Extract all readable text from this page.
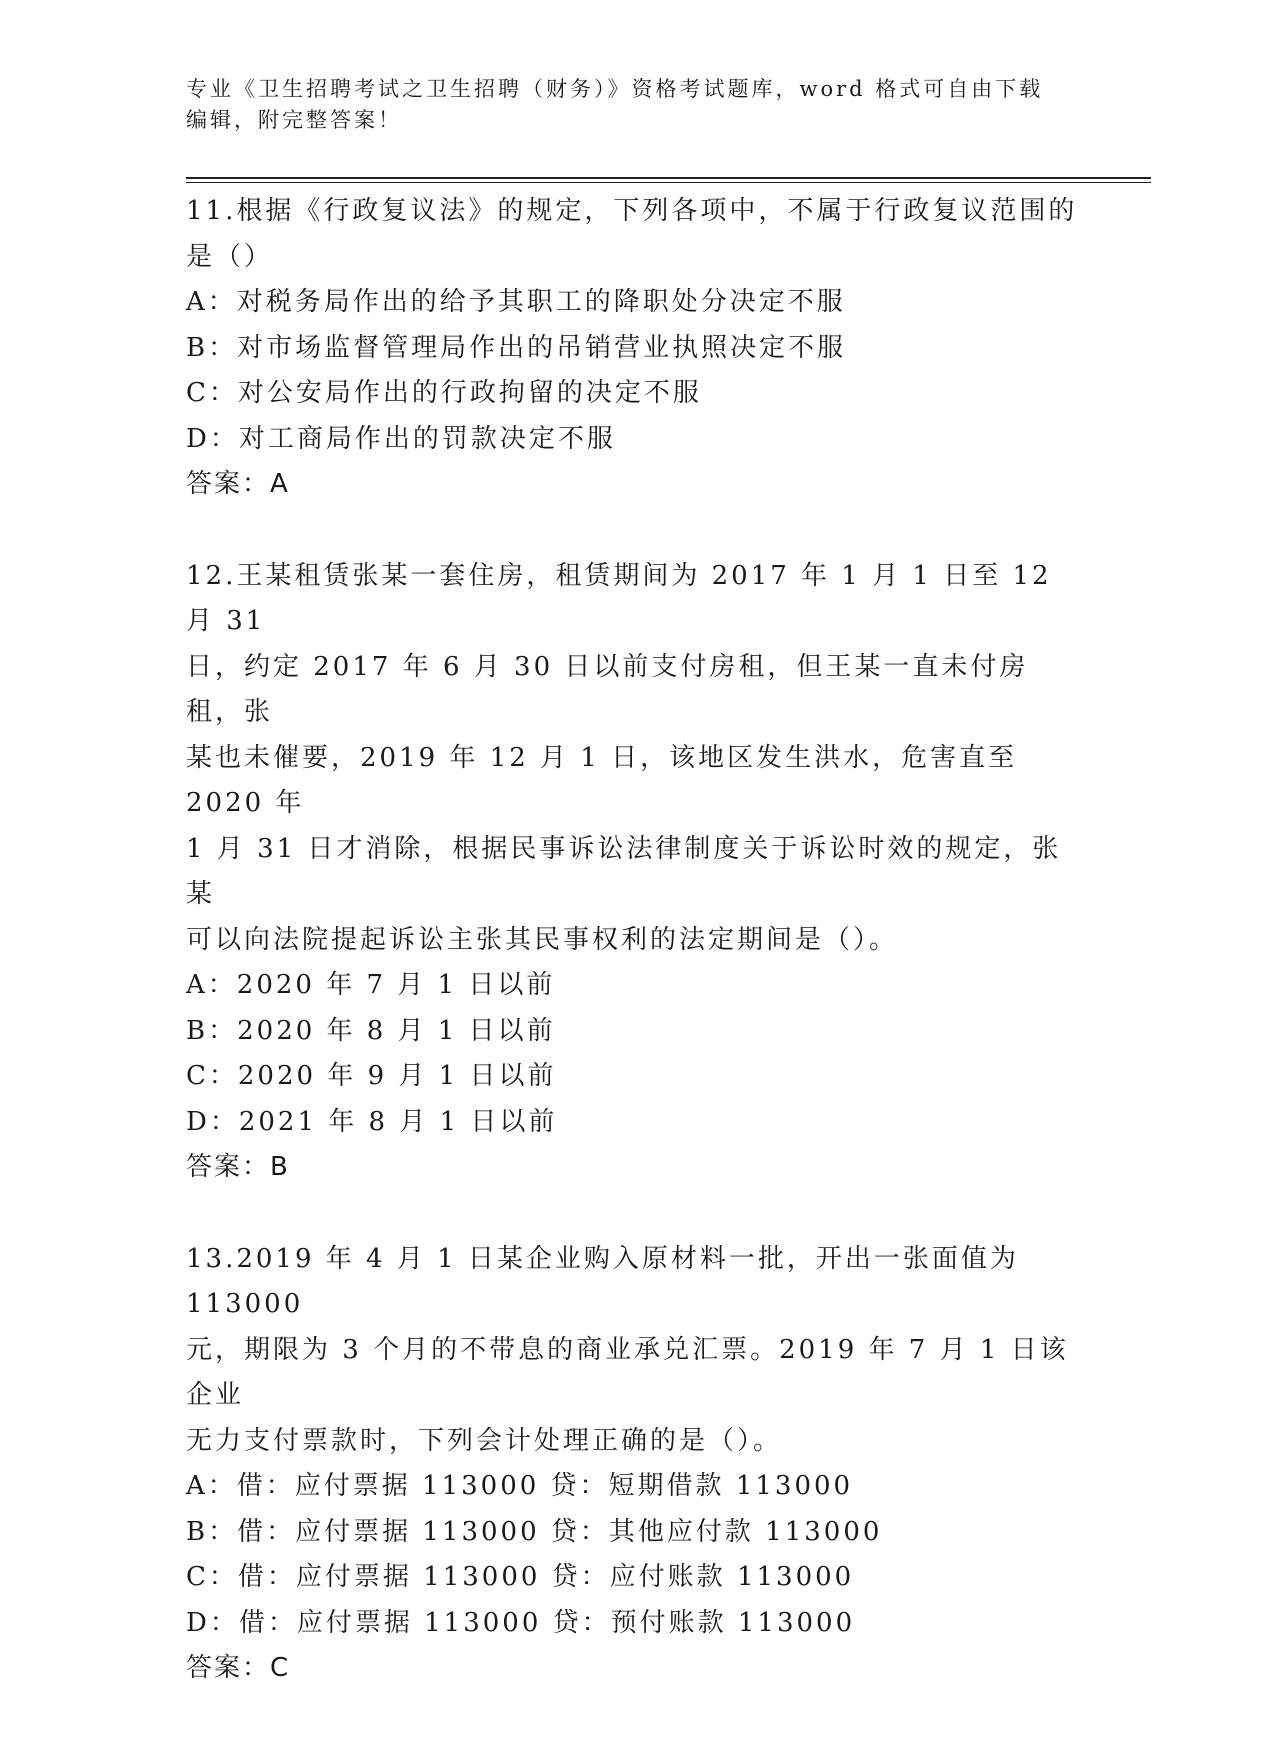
专业《卫生招聘考试之卫生招聘（财务）》资格考试题库，word 格式可自由下载
编辑，附完整答案！
11.根据《行政复议法》的规定，下列各项中，不属于行政复议范围的
是（）
A：对税务局作出的给予其职工的降职处分决定不服
B：对市场监督管理局作出的吊销营业执照决定不服
C：对公安局作出的行政拘留的决定不服
D：对工商局作出的罚款决定不服
答案：A
12.王某租赁张某一套住房，租赁期间为 2017 年 1 月 1 日至 12 月 31
日，约定 2017 年 6 月 30 日以前支付房租，但王某一直未付房租，张
某也未催要，2019 年 12 月 1 日，该地区发生洪水，危害直至 2020 年
1 月 31 日才消除，根据民事诉讼法律制度关于诉讼时效的规定，张某
可以向法院提起诉讼主张其民事权利的法定期间是（）。
A：2020 年 7 月 1 日以前
B：2020 年 8 月 1 日以前
C：2020 年 9 月 1 日以前
D：2021 年 8 月 1 日以前
答案：B
13.2019 年 4 月 1 日某企业购入原材料一批，开出一张面值为 113000
元，期限为 3 个月的不带息的商业承兑汇票。2019 年 7 月 1 日该企业
无力支付票款时，下列会计处理正确的是（）。
A：借：应付票据 113000 贷：短期借款 113000
B：借：应付票据 113000 贷：其他应付款 113000
C：借：应付票据 113000 贷：应付账款 113000
D：借：应付票据 113000 贷：预付账款 113000
答案：C
